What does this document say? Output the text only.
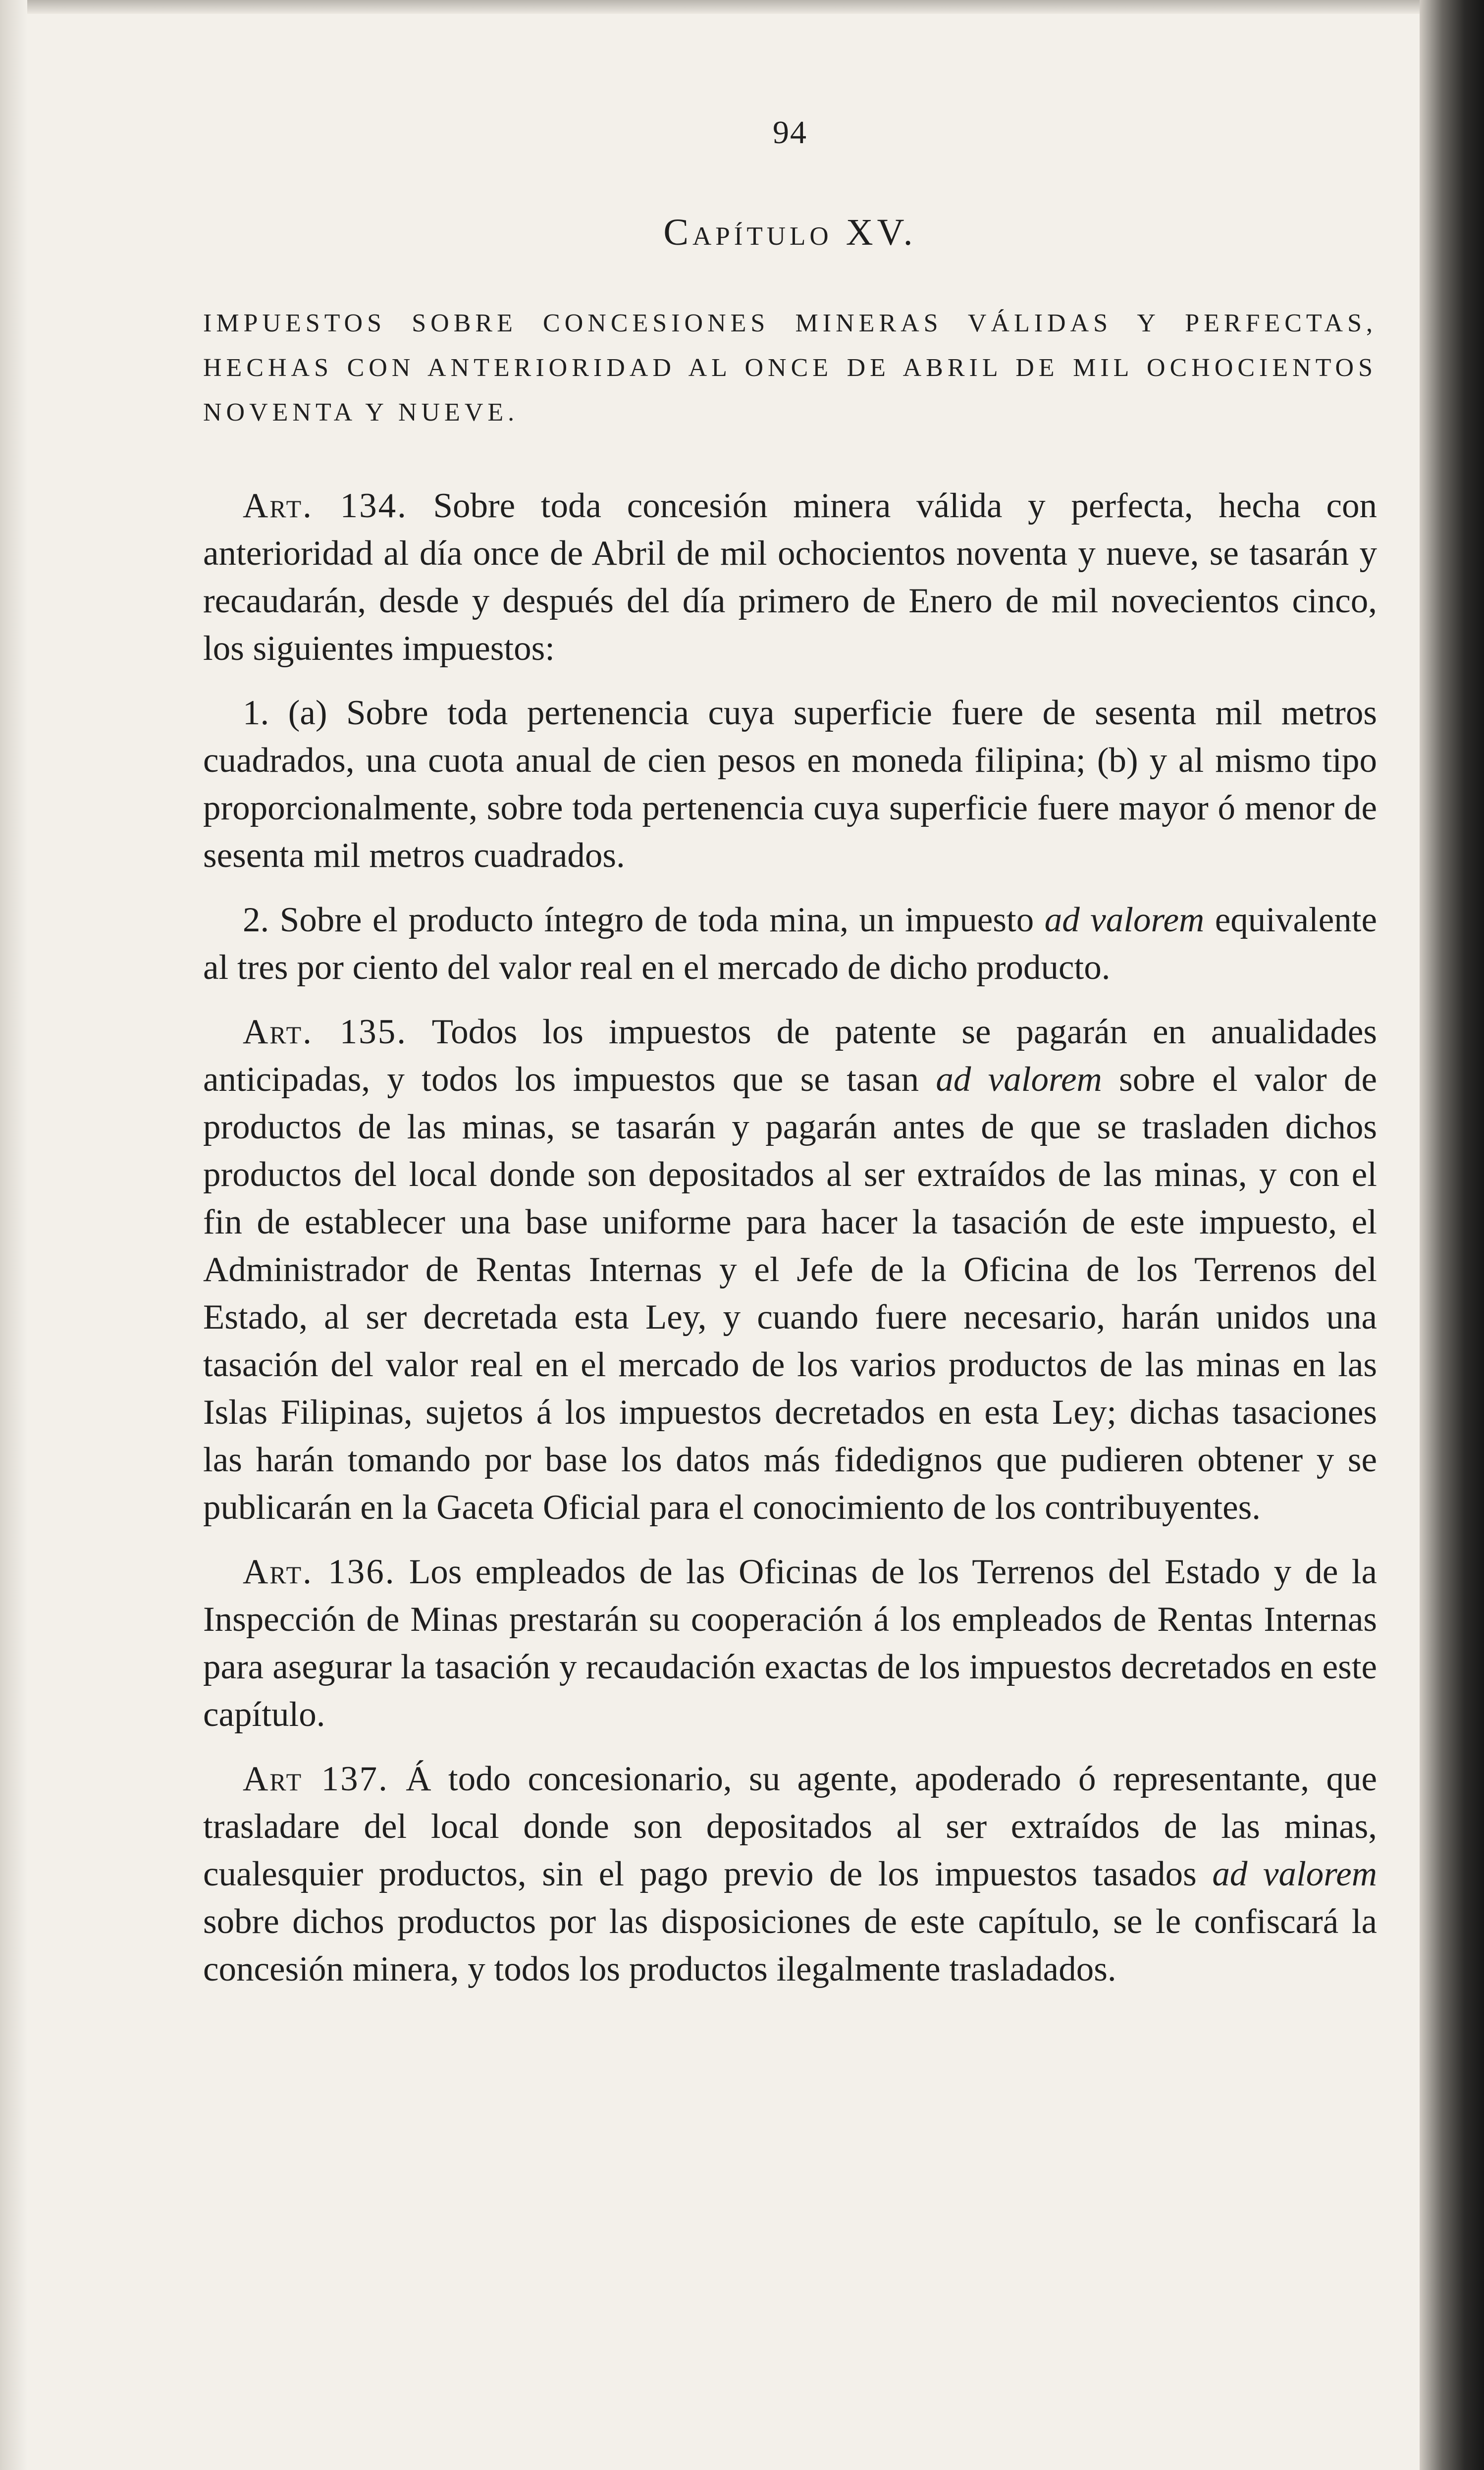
94
Capítulo XV.
IMPUESTOS SOBRE CONCESIONES MINERAS VÁLIDAS Y PERFECTAS, HECHAS CON ANTERIORIDAD AL ONCE DE ABRIL DE MIL OCHOCIENTOS NOVENTA Y NUEVE.

Art. 134. Sobre toda concesión minera válida y perfecta, hecha con anterioridad al día once de Abril de mil ochocientos noventa y nueve, se tasarán y recaudarán, desde y después del día primero de Enero de mil novecientos cinco, los siguientes impuestos:

1. (a) Sobre toda pertenencia cuya superficie fuere de sesenta mil metros cuadrados, una cuota anual de cien pesos en moneda filipina; (b) y al mismo tipo proporcionalmente, sobre toda pertenencia cuya superficie fuere mayor ó menor de sesenta mil metros cuadrados.

2. Sobre el producto íntegro de toda mina, un impuesto ad valorem equivalente al tres por ciento del valor real en el mercado de dicho producto.

Art. 135. Todos los impuestos de patente se pagarán en anualidades anticipadas, y todos los impuestos que se tasan ad valorem sobre el valor de productos de las minas, se tasarán y pagarán antes de que se trasladen dichos productos del local donde son depositados al ser extraídos de las minas, y con el fin de establecer una base uniforme para hacer la tasación de este impuesto, el Administrador de Rentas Internas y el Jefe de la Oficina de los Terrenos del Estado, al ser decretada esta Ley, y cuando fuere necesario, harán unidos una tasación del valor real en el mercado de los varios productos de las minas en las Islas Filipinas, sujetos á los impuestos decretados en esta Ley; dichas tasaciones las harán tomando por base los datos más fidedignos que pudieren obtener y se publicarán en la Gaceta Oficial para el conocimiento de los contribuyentes.

Art. 136. Los empleados de las Oficinas de los Terrenos del Estado y de la Inspección de Minas prestarán su cooperación á los empleados de Rentas Internas para asegurar la tasación y recaudación exactas de los impuestos decretados en este capítulo.

Art 137. Á todo concesionario, su agente, apoderado ó representante, que trasladare del local donde son depositados al ser extraídos de las minas, cualesquier productos, sin el pago previo de los impuestos tasados ad valorem sobre dichos productos por las disposiciones de este capítulo, se le confiscará la concesión minera, y todos los productos ilegalmente trasladados.
